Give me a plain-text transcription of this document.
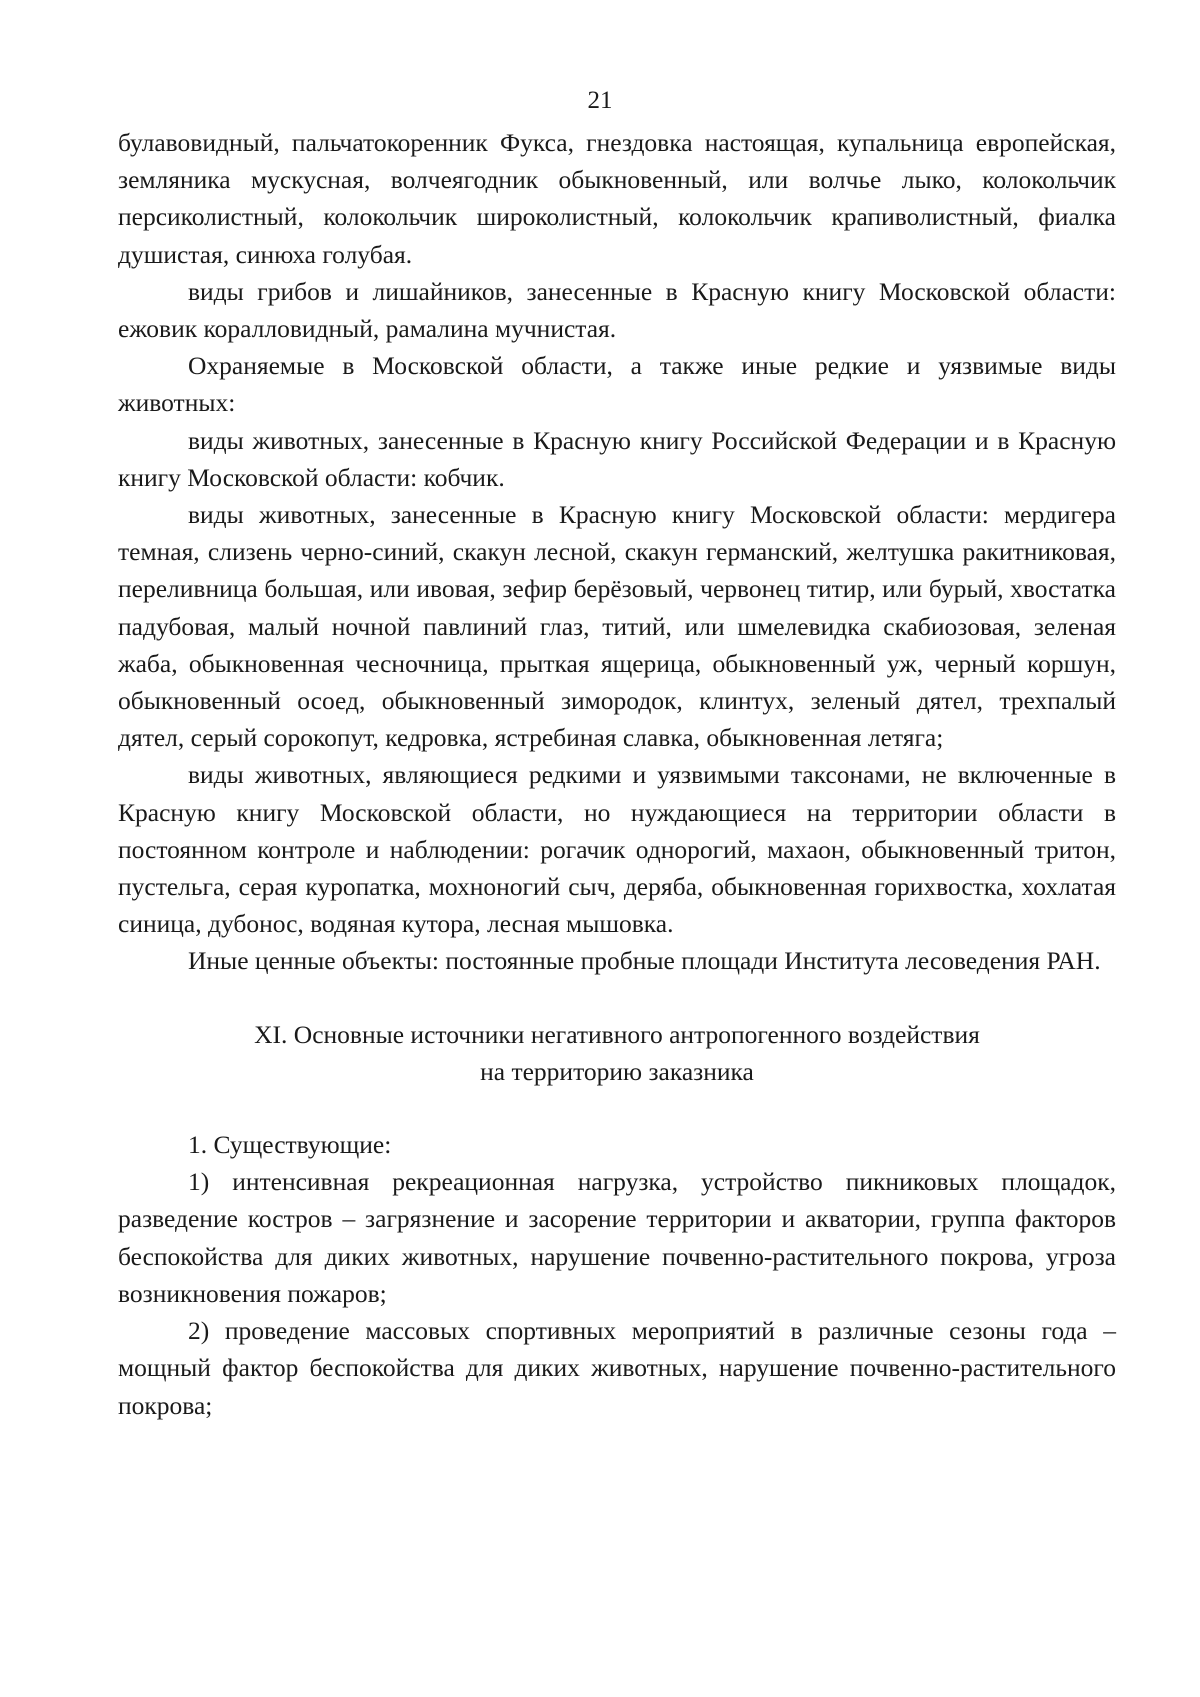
21

булавовидный, пальчатокоренник Фукса, гнездовка настоящая, купальница европейская, земляника мускусная, волчеягодник обыкновенный, или волчье лыко, колокольчик персиколистный, колокольчик широколистный, колокольчик крапиволистный, фиалка душистая, синюха голубая.

виды грибов и лишайников, занесенные в Красную книгу Московской области: ежовик коралловидный, рамалина мучнистая.

Охраняемые в Московской области, а также иные редкие и уязвимые виды животных:

виды животных, занесенные в Красную книгу Российской Федерации и в Красную книгу Московской области: кобчик.

виды животных, занесенные в Красную книгу Московской области: мердигера темная, слизень черно-синий, скакун лесной, скакун германский, желтушка ракитниковая, переливница большая, или ивовая, зефир берёзовый, червонец титир, или бурый, хвостатка падубовая, малый ночной павлиний глаз, титий, или шмелевидка скабиозовая, зеленая жаба, обыкновенная чесночница, прыткая ящерица, обыкновенный уж, черный коршун, обыкновенный осоед, обыкновенный зимородок, клинтух, зеленый дятел, трехпалый дятел, серый сорокопут, кедровка, ястребиная славка, обыкновенная летяга;

виды животных, являющиеся редкими и уязвимыми таксонами, не включенные в Красную книгу Московской области, но нуждающиеся на территории области в постоянном контроле и наблюдении: рогачик однорогий, махаон, обыкновенный тритон, пустельга, серая куропатка, мохноногий сыч, деряба, обыкновенная горихвостка, хохлатая синица, дубонос, водяная кутора, лесная мышовка.

Иные ценные объекты: постоянные пробные площади Института лесоведения РАН.

XI. Основные источники негативного антропогенного воздействия
на территорию заказника

1. Существующие:

1) интенсивная рекреационная нагрузка, устройство пикниковых площадок, разведение костров – загрязнение и засорение территории и акватории, группа факторов беспокойства для диких животных, нарушение почвенно-растительного покрова, угроза возникновения пожаров;

2) проведение массовых спортивных мероприятий в различные сезоны года – мощный фактор беспокойства для диких животных, нарушение почвенно-растительного покрова;
